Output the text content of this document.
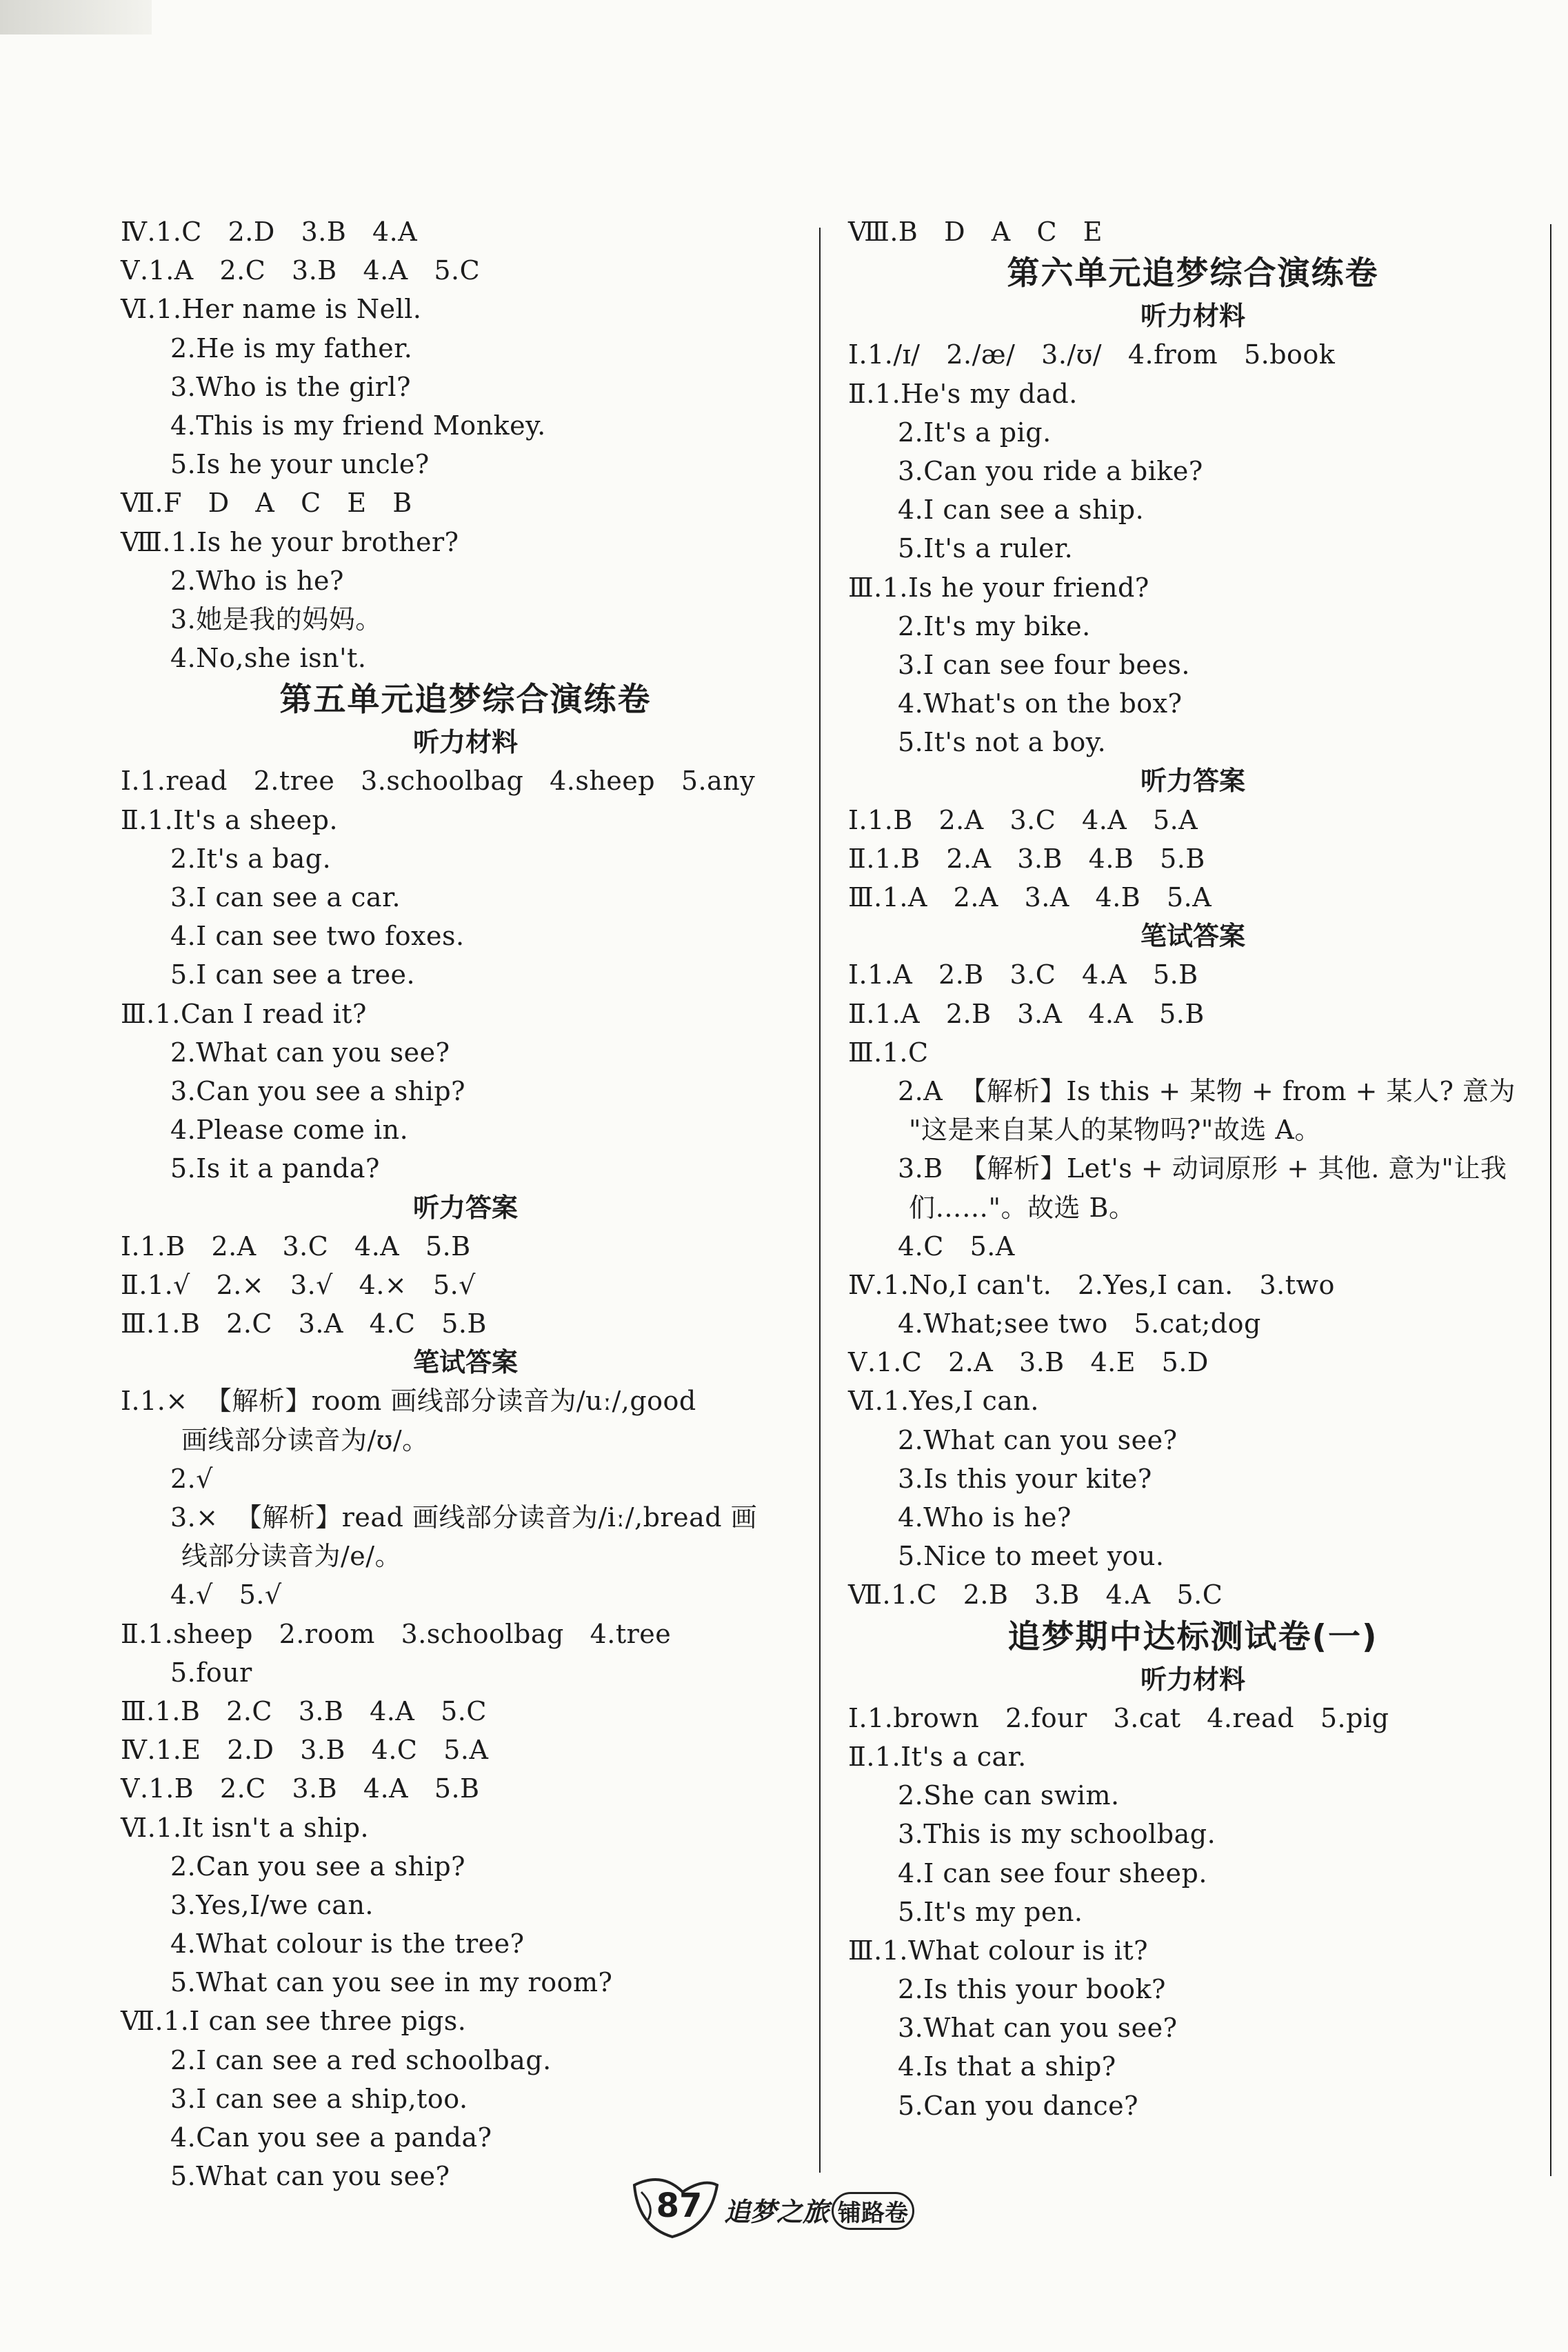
Ⅳ.1.C   2.D   3.B   4.A
Ⅴ.1.A   2.C   3.B   4.A   5.C
Ⅵ.1.Her name is Nell.
2.He is my father.
3.Who is the girl?
4.This is my friend Monkey.
5.Is he your uncle?
Ⅶ.F   D   A   C   E   B
Ⅷ.1.Is he your brother?
2.Who is he?
3.她是我的妈妈。
4.No,she isn't.
第五单元追梦综合演练卷
听力材料
Ⅰ.1.read   2.tree   3.schoolbag   4.sheep   5.any
Ⅱ.1.It's a sheep.
2.It's a bag.
3.I can see a car.
4.I can see two foxes.
5.I can see a tree.
Ⅲ.1.Can I read it?
2.What can you see?
3.Can you see a ship?
4.Please come in.
5.Is it a panda?
听力答案
Ⅰ.1.B   2.A   3.C   4.A   5.B
Ⅱ.1.√   2.×   3.√   4.×   5.√
Ⅲ.1.B   2.C   3.A   4.C   5.B
笔试答案
Ⅰ.1.×  【解析】room 画线部分读音为/uː/,good
画线部分读音为/ʊ/。
2.√
3.×  【解析】read 画线部分读音为/iː/,bread 画
线部分读音为/e/。
4.√   5.√
Ⅱ.1.sheep   2.room   3.schoolbag   4.tree
5.four
Ⅲ.1.B   2.C   3.B   4.A   5.C
Ⅳ.1.E   2.D   3.B   4.C   5.A
Ⅴ.1.B   2.C   3.B   4.A   5.B
Ⅵ.1.It isn't a ship.
2.Can you see a ship?
3.Yes,I/we can.
4.What colour is the tree?
5.What can you see in my room?
Ⅶ.1.I can see three pigs.
2.I can see a red schoolbag.
3.I can see a ship,too.
4.Can you see a panda?
5.What can you see?
Ⅷ.B   D   A   C   E
第六单元追梦综合演练卷
听力材料
Ⅰ.1./ɪ/   2./æ/   3./ʊ/   4.from   5.book
Ⅱ.1.He's my dad.
2.It's a pig.
3.Can you ride a bike?
4.I can see a ship.
5.It's a ruler.
Ⅲ.1.Is he your friend?
2.It's my bike.
3.I can see four bees.
4.What's on the box?
5.It's not a boy.
听力答案
Ⅰ.1.B   2.A   3.C   4.A   5.A
Ⅱ.1.B   2.A   3.B   4.B   5.B
Ⅲ.1.A   2.A   3.A   4.B   5.A
笔试答案
Ⅰ.1.A   2.B   3.C   4.A   5.B
Ⅱ.1.A   2.B   3.A   4.A   5.B
Ⅲ.1.C
2.A  【解析】Is this + 某物 + from + 某人? 意为
"这是来自某人的某物吗?"故选 A。
3.B  【解析】Let's + 动词原形 + 其他. 意为"让我
们……"。故选 B。
4.C   5.A
Ⅳ.1.No,I can't.   2.Yes,I can.   3.two
4.What;see two   5.cat;dog
Ⅴ.1.C   2.A   3.B   4.E   5.D
Ⅵ.1.Yes,I can.
2.What can you see?
3.Is this your kite?
4.Who is he?
5.Nice to meet you.
Ⅶ.1.C   2.B   3.B   4.A   5.C
追梦期中达标测试卷(一)
听力材料
Ⅰ.1.brown   2.four   3.cat   4.read   5.pig
Ⅱ.1.It's a car.
2.She can swim.
3.This is my schoolbag.
4.I can see four sheep.
5.It's my pen.
Ⅲ.1.What colour is it?
2.Is this your book?
3.What can you see?
4.Is that a ship?
5.Can you dance?
87 追梦之旅 铺路卷
